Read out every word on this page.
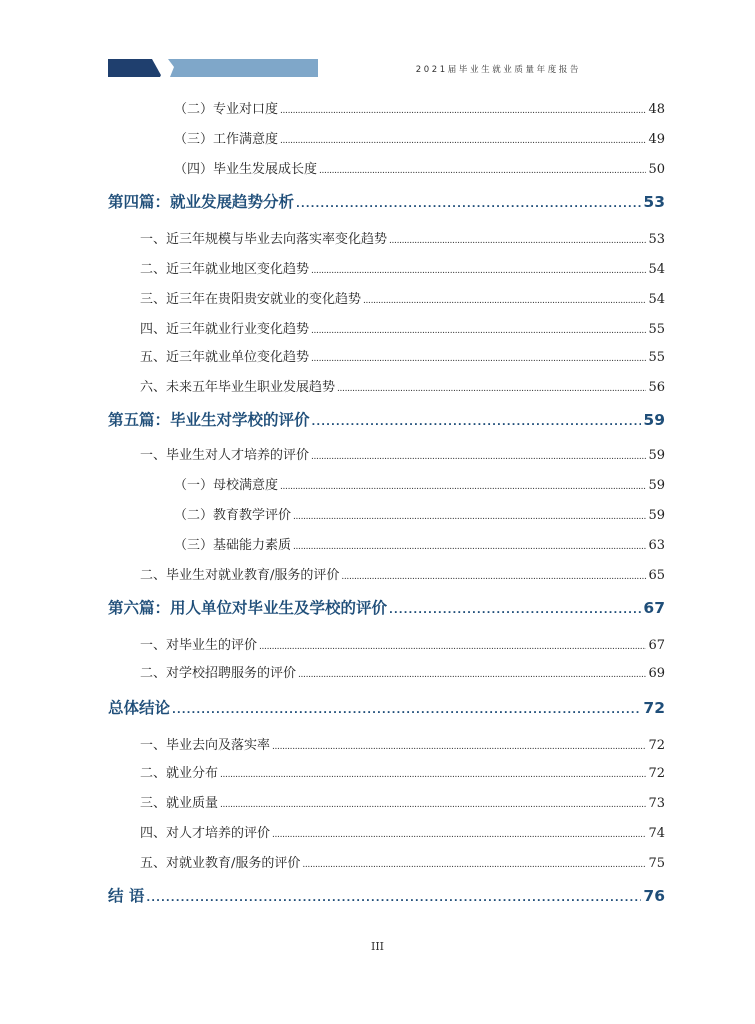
2021届毕业生就业质量年度报告
（二）专业对口度 . . .	48
（三）工作满意度 . . .	49
（四）毕业生发展成长度 . . .	50
第四篇：就业发展趋势分析 . . .	53
一、近三年规模与毕业去向落实率变化趋势 . . .	53
二、近三年就业地区变化趋势 . . .	54
三、近三年在贵阳贵安就业的变化趋势 . . .	54
四、近三年就业行业变化趋势 . . .	55
五、近三年就业单位变化趋势 . . .	55
六、未来五年毕业生职业发展趋势 . . .	56
第五篇：毕业生对学校的评价 . . .	59
一、毕业生对人才培养的评价 . . .	59
（一）母校满意度 . . .	59
（二）教育教学评价 . . .	59
（三）基础能力素质 . . .	63
二、毕业生对就业教育/服务的评价 . . .	65
第六篇：用人单位对毕业生及学校的评价 . . .	67
一、对毕业生的评价 . . .	67
二、对学校招聘服务的评价 . . .	69
总体结论 . . .	72
一、毕业去向及落实率 . . .	72
二、就业分布 . . .	72
三、就业质量 . . .	73
四、对人才培养的评价 . . .	74
五、对就业教育/服务的评价 . . .	75
结 语 . . .	76
III
